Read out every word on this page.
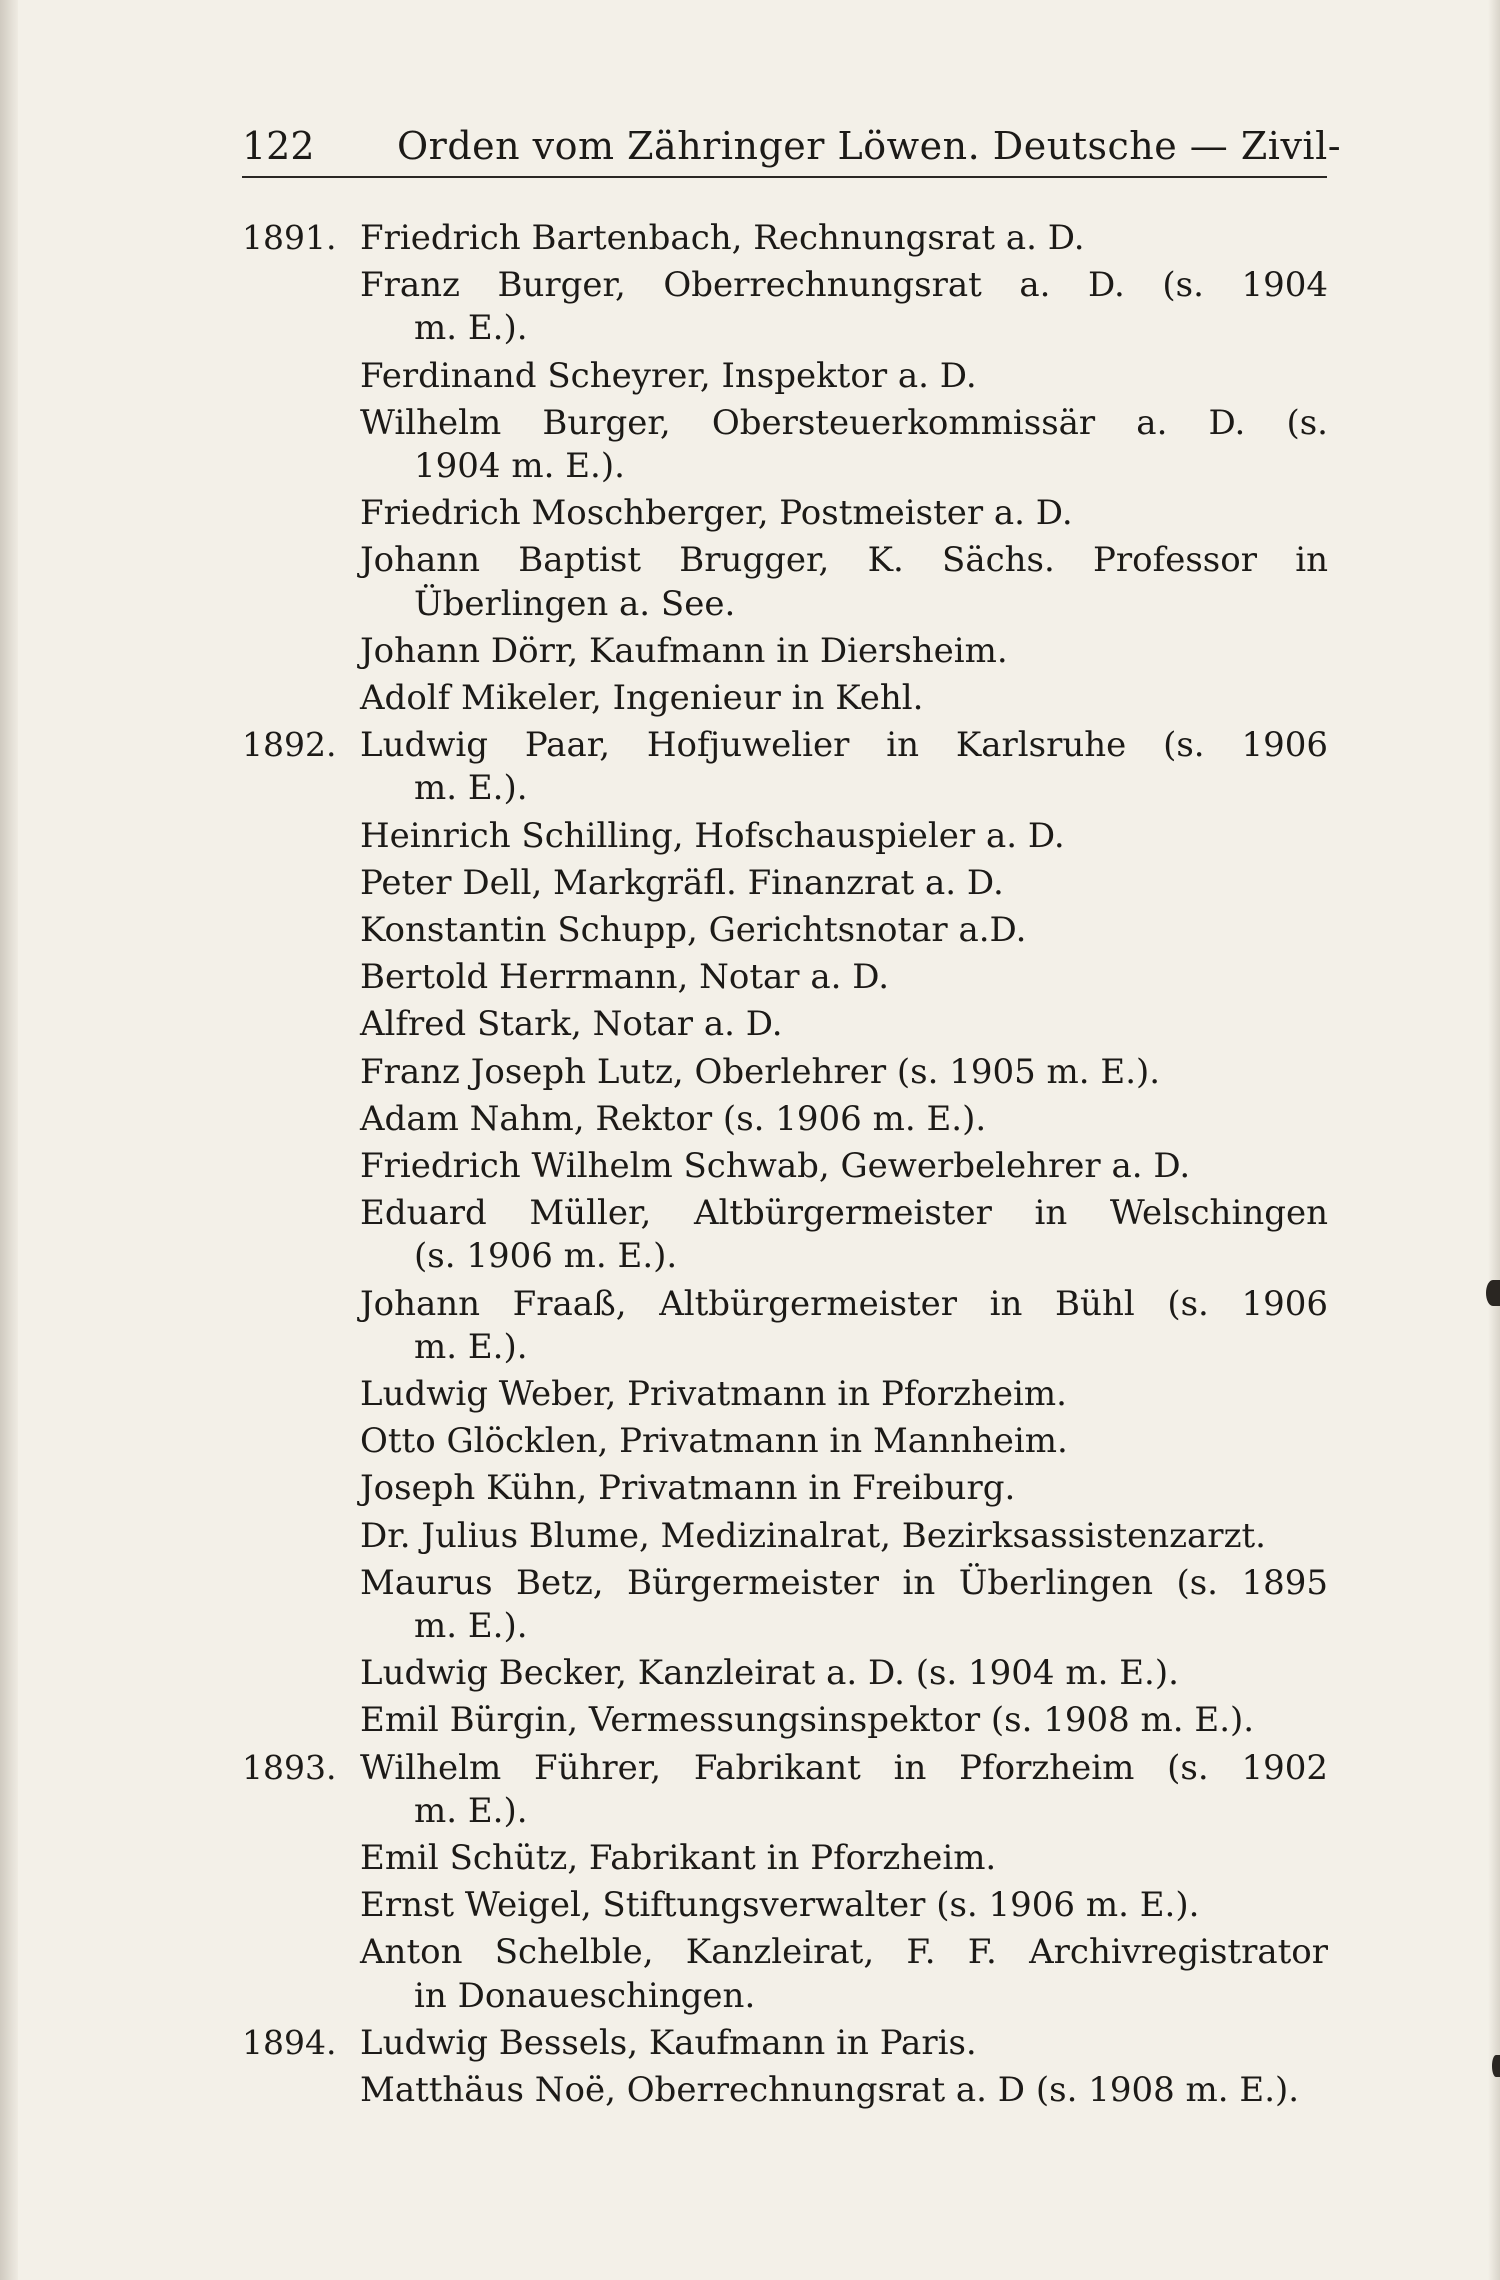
122 Orden vom Zähringer Löwen. Deutsche — Zivil-
1891. Friedrich Bartenbach, Rechnungsrat a. D.
Franz Burger, Oberrechnungsrat a. D. (s. 1904
m. E.).
Ferdinand Scheyrer, Inspektor a. D.
Wilhelm Burger, Obersteuerkommissär a. D. (s.
1904 m. E.).
Friedrich Moschberger, Postmeister a. D.
Johann Baptist Brugger, K. Sächs. Professor in
Überlingen a. See.
Johann Dörr, Kaufmann in Diersheim.
Adolf Mikeler, Ingenieur in Kehl.
1892. Ludwig Paar, Hofjuwelier in Karlsruhe (s. 1906
m. E.).
Heinrich Schilling, Hofschauspieler a. D.
Peter Dell, Markgräfl. Finanzrat a. D.
Konstantin Schupp, Gerichtsnotar a.D.
Bertold Herrmann, Notar a. D.
Alfred Stark, Notar a. D.
Franz Joseph Lutz, Oberlehrer (s. 1905 m. E.).
Adam Nahm, Rektor (s. 1906 m. E.).
Friedrich Wilhelm Schwab, Gewerbelehrer a. D.
Eduard Müller, Altbürgermeister in Welschingen
(s. 1906 m. E.).
Johann Fraaß, Altbürgermeister in Bühl (s. 1906
m. E.).
Ludwig Weber, Privatmann in Pforzheim.
Otto Glöcklen, Privatmann in Mannheim.
Joseph Kühn, Privatmann in Freiburg.
Dr. Julius Blume, Medizinalrat, Bezirksassistenzarzt.
Maurus Betz, Bürgermeister in Überlingen (s. 1895
m. E.).
Ludwig Becker, Kanzleirat a. D. (s. 1904 m. E.).
Emil Bürgin, Vermessungsinspektor (s. 1908 m. E.).
1893. Wilhelm Führer, Fabrikant in Pforzheim (s. 1902
m. E.).
Emil Schütz, Fabrikant in Pforzheim.
Ernst Weigel, Stiftungsverwalter (s. 1906 m. E.).
Anton Schelble, Kanzleirat, F. F. Archivregistrator
in Donaueschingen.
1894. Ludwig Bessels, Kaufmann in Paris.
Matthäus Noë, Oberrechnungsrat a. D (s. 1908 m. E.).
